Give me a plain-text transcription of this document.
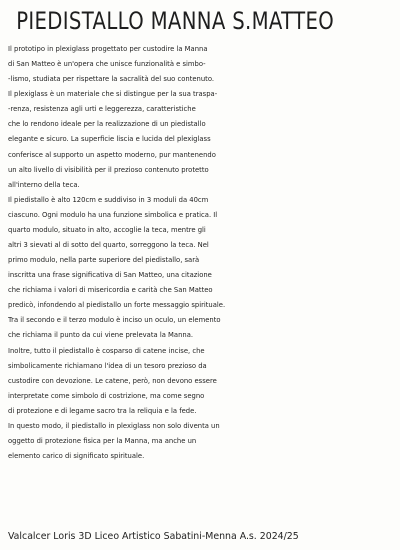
PIEDISTALLO MANNA S.MATTEO
Il prototipo in plexiglass progettato per custodire la Manna
di San Matteo è un'opera che unisce funzionalità e simbo-
-lismo, studiata per rispettare la sacralità del suo contenuto.
Il plexiglass è un materiale che si distingue per la sua traspa-
-renza, resistenza agli urti e leggerezza, caratteristiche
che lo rendono ideale per la realizzazione di un piedistallo
elegante e sicuro. La superficie liscia e lucida del plexiglass
conferisce al supporto un aspetto moderno, pur mantenendo
un alto livello di visibilità per il prezioso contenuto protetto
all'interno della teca.
Il piedistallo è alto 120cm e suddiviso in 3 moduli da 40cm
ciascuno. Ogni modulo ha una funzione simbolica e pratica. Il
quarto modulo, situato in alto, accoglie la teca, mentre gli
altri 3 sievati al di sotto del quarto, sorreggono la teca. Nel
primo modulo, nella parte superiore del piedistallo, sarà
inscritta una frase significativa di San Matteo, una citazione
che richiama i valori di misericordia e carità che San Matteo
predicò, infondendo al piedistallo un forte messaggio spirituale.
Tra il secondo e il terzo modulo è inciso un oculo, un elemento
che richiama il punto da cui viene prelevata la Manna.
Inoltre, tutto il piedistallo è cosparso di catene incise, che
simbolicamente richiamano l'idea di un tesoro prezioso da
custodire con devozione. Le catene, però, non devono essere
interpretate come simbolo di costrizione, ma come segno
di protezione e di legame sacro tra la reliquia e la fede.
In questo modo, il piedistallo in plexiglass non solo diventa un
oggetto di protezione fisica per la Manna, ma anche un
elemento carico di significato spirituale.
Valcalcer Loris 3D Liceo Artistico Sabatini-Menna A.s. 2024/25
